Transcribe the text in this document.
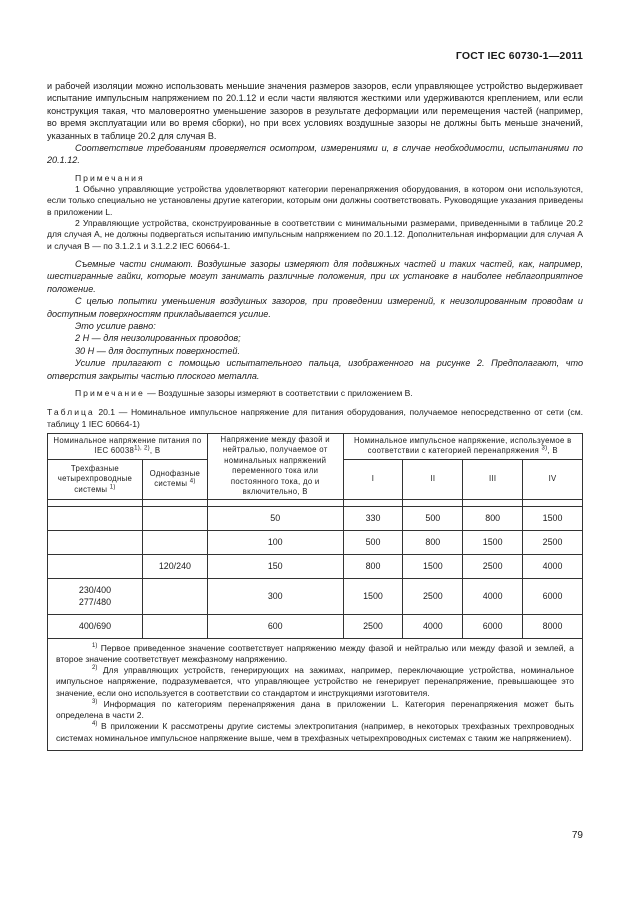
ГОСТ IEC 60730-1—2011

и рабочей изоляции можно использовать меньшие значения размеров зазоров, если управляющее устройство выдерживает испытание импульсным напряжением по 20.1.12 и если части являются жесткими или удерживаются креплением, или если конструкция такая, что маловероятно уменьшение зазоров в результате деформации или перемещения частей (например, во время эксплуатации или во время сборки), но при всех условиях воздушные зазоры не должны быть меньше значений, указанных в таблице 20.2 для случая В.

Соответствие требованиям проверяется осмотром, измерениями и, в случае необходимости, испытаниями по 20.1.12.

Примечания

1 Обычно управляющие устройства удовлетворяют категории перенапряжения оборудования, в котором они используются, если только специально не установлены другие категории, которым они должны соответствовать. Руководящие указания приведены в приложении L.

2 Управляющие устройства, сконструированные в соответствии с минимальными размерами, приведенными в таблице 20.2 для случая А, не должны подвергаться испытанию импульсным напряжением по 20.1.12. Дополнительная информации для случая А и случая В — по 3.1.2.1 и 3.1.2.2 IEC 60664-1.

Съемные части снимают. Воздушные зазоры измеряют для подвижных частей и таких частей, как, например, шестигранные гайки, которые могут занимать различные положения, при их установке в наиболее неблагоприятное положение.

С целью попытки уменьшения воздушных зазоров, при проведении измерений, к неизолированным проводам и доступным поверхностям прикладывается усилие.

Это усилие равно:

2 Н — для неизолированных проводов;

30 Н — для доступных поверхностей.

Усилие прилагают с помощью испытательного пальца, изображенного на рисунке 2. Предполагают, что отверстия закрыты частью плоского металла.

Примечание — Воздушные зазоры измеряют в соответствии с приложением В.

Таблица 20.1 — Номинальное импульсное напряжение для питания оборудования, получаемое непосредственно от сети (см. таблицу 1 IEC 60664-1)

Номинальное напряжение питания по IEC $60038^{1), 2)}$, В		Напряжение между фазой и нейтралью, получаемое от номинальных напряжений переменного тока или постоянного тока, до и включительно, В	Номинальное импульсное напряжение, используемое в соответствии с категорией перенапряжения $^{3)}$, В			
Трехфазные четырехпроводные системы $^{1)}$	Однофазные системы $^{4)}$		I	II	III	IV

		50	330	500	800	1500
		100	500	800	1500	2500
	120/240	150	800	1500	2500	4000
230/400
277/480		300	1500	2500	4000	6000
400/690		600	2500	4000	6000	8000

$^{1)}$ Первое приведенное значение соответствует напряжению между фазой и нейтралью или между фазой и землей, а второе значение соответствует межфазному напряжению.

$^{2)}$ Для управляющих устройств, генерирующих на зажимах, например, переключающие устройства, номинальное импульсное напряжение, подразумевается, что управляющее устройство не генерирует перенапряжение, превышающее это значение, если оно используется в соответствии со стандартом и инструкциями изготовителя.

$^{3)}$ Информация по категориям перенапряжения дана в приложении L. Категория перенапряжения может быть определена в части 2.

$^{4)}$ В приложении К рассмотрены другие системы электропитания (например, в некоторых трехфазных трехпроводных системах номинальное импульсное напряжение выше, чем в трехфазных четырехпроводных системах с таким же напряжением).						

79
